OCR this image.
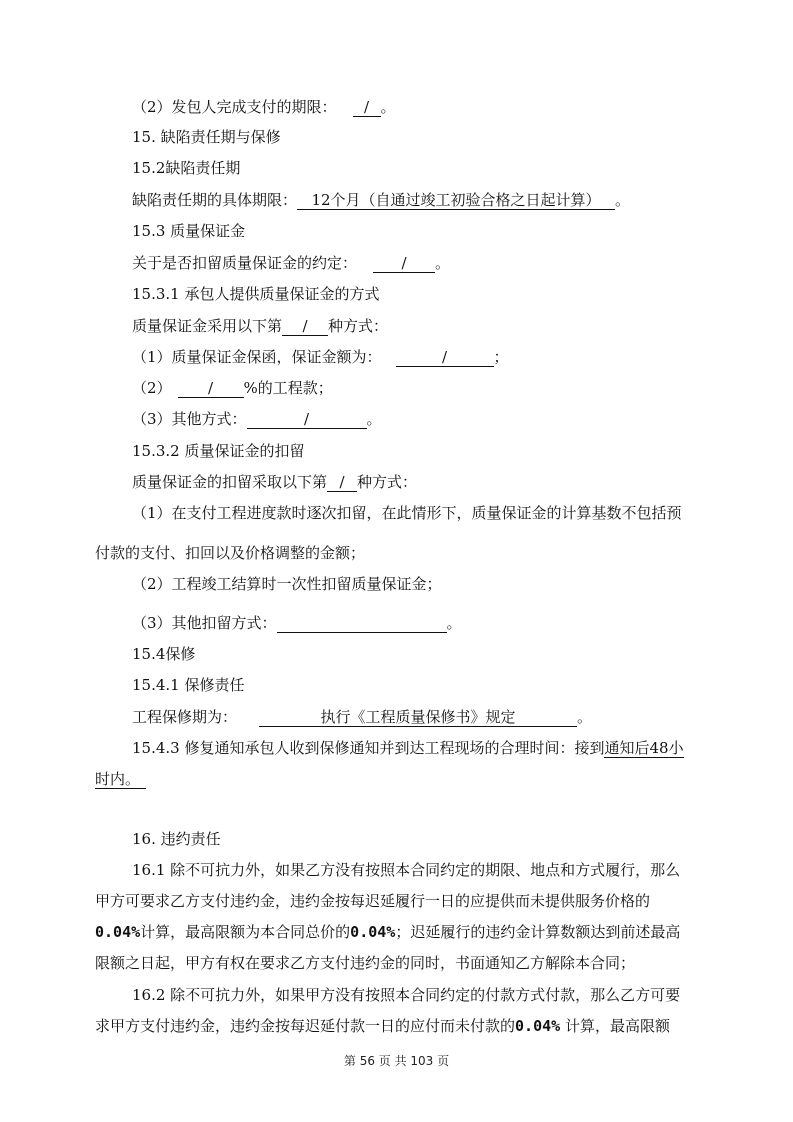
（2）发包人完成支付的期限： / 。
15. 缺陷责任期与保修
15.2缺陷责任期
缺陷责任期的具体期限： 12个月（自通过竣工初验合格之日起计算） 。
15.3 质量保证金
关于是否扣留质量保证金的约定：	/ 。
15.3.1 承包人提供质量保证金的方式
质量保证金采用以下第 / 种方式：
（1）质量保证金保函，保证金额为：	/	；
（2） / %的工程款；
（3）其他方式：	/	。
15.3.2 质量保证金的扣留
质量保证金的扣留采取以下第 / 种方式：
（1）在支付工程进度款时逐次扣留，在此情形下，质量保证金的计算基数不包括预
付款的支付、扣回以及价格调整的金额；
（2）工程竣工结算时一次性扣留质量保证金；
（3）其他扣留方式：	。
15.4保修
15.4.1 保修责任
工程保修期为：	执行《工程质量保修书》规定	。
15.4.3 修复通知承包人收到保修通知并到达工程现场的合理时间：接到通知后48小
时内。
16. 违约责任
16.1 除不可抗力外，如果乙方没有按照本合同约定的期限、地点和方式履行，那么
甲方可要求乙方支付违约金，违约金按每迟延履行一日的应提供而未提供服务价格的
0.04%计算，最高限额为本合同总价的0.04%；迟延履行的违约金计算数额达到前述最高
限额之日起，甲方有权在要求乙方支付违约金的同时，书面通知乙方解除本合同；
16.2 除不可抗力外，如果甲方没有按照本合同约定的付款方式付款，那么乙方可要
求甲方支付违约金，违约金按每迟延付款一日的应付而未付款的0.04% 计算，最高限额
第 56 页 共 103 页
